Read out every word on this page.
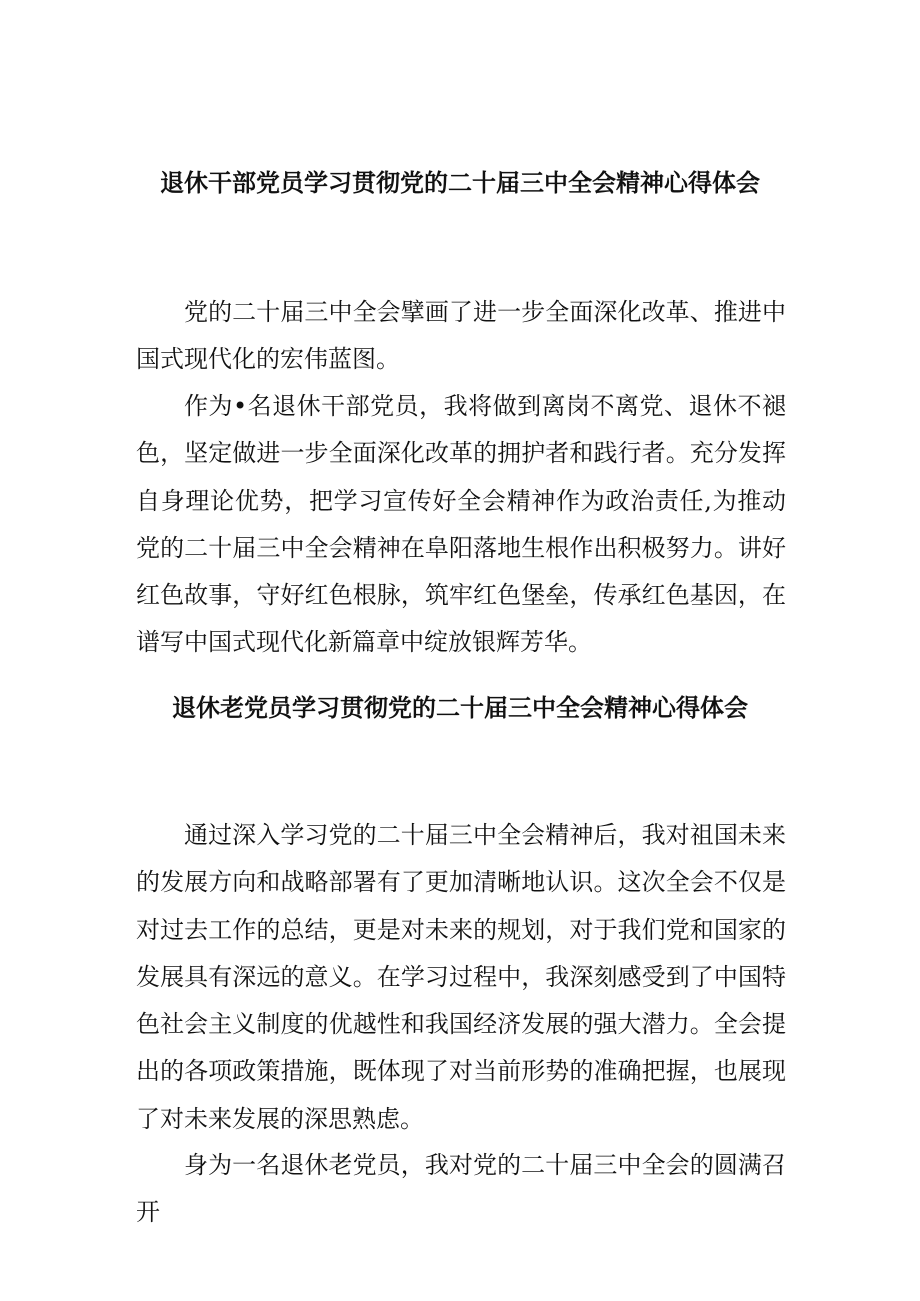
退休干部党员学习贯彻党的二十届三中全会精神心得体会

党的二十届三中全会擘画了进一步全面深化改革、推进中国式现代化的宏伟蓝图。

作为•名退休干部党员，我将做到离岗不离党、退休不褪色，坚定做进一步全面深化改革的拥护者和践行者。充分发挥自身理论优势，把学习宣传好全会精神作为政治责任,为推动党的二十届三中全会精神在阜阳落地生根作出积极努力。讲好红色故事，守好红色根脉，筑牢红色堡垒，传承红色基因，在谱写中国式现代化新篇章中绽放银辉芳华。

退休老党员学习贯彻党的二十届三中全会精神心得体会

通过深入学习党的二十届三中全会精神后，我对祖国未来的发展方向和战略部署有了更加清晰地认识。这次全会不仅是对过去工作的总结，更是对未来的规划，对于我们党和国家的发展具有深远的意义。在学习过程中，我深刻感受到了中国特色社会主义制度的优越性和我国经济发展的强大潜力。全会提出的各项政策措施，既体现了对当前形势的准确把握，也展现了对未来发展的深思熟虑。

身为一名退休老党员，我对党的二十届三中全会的圆满召开
